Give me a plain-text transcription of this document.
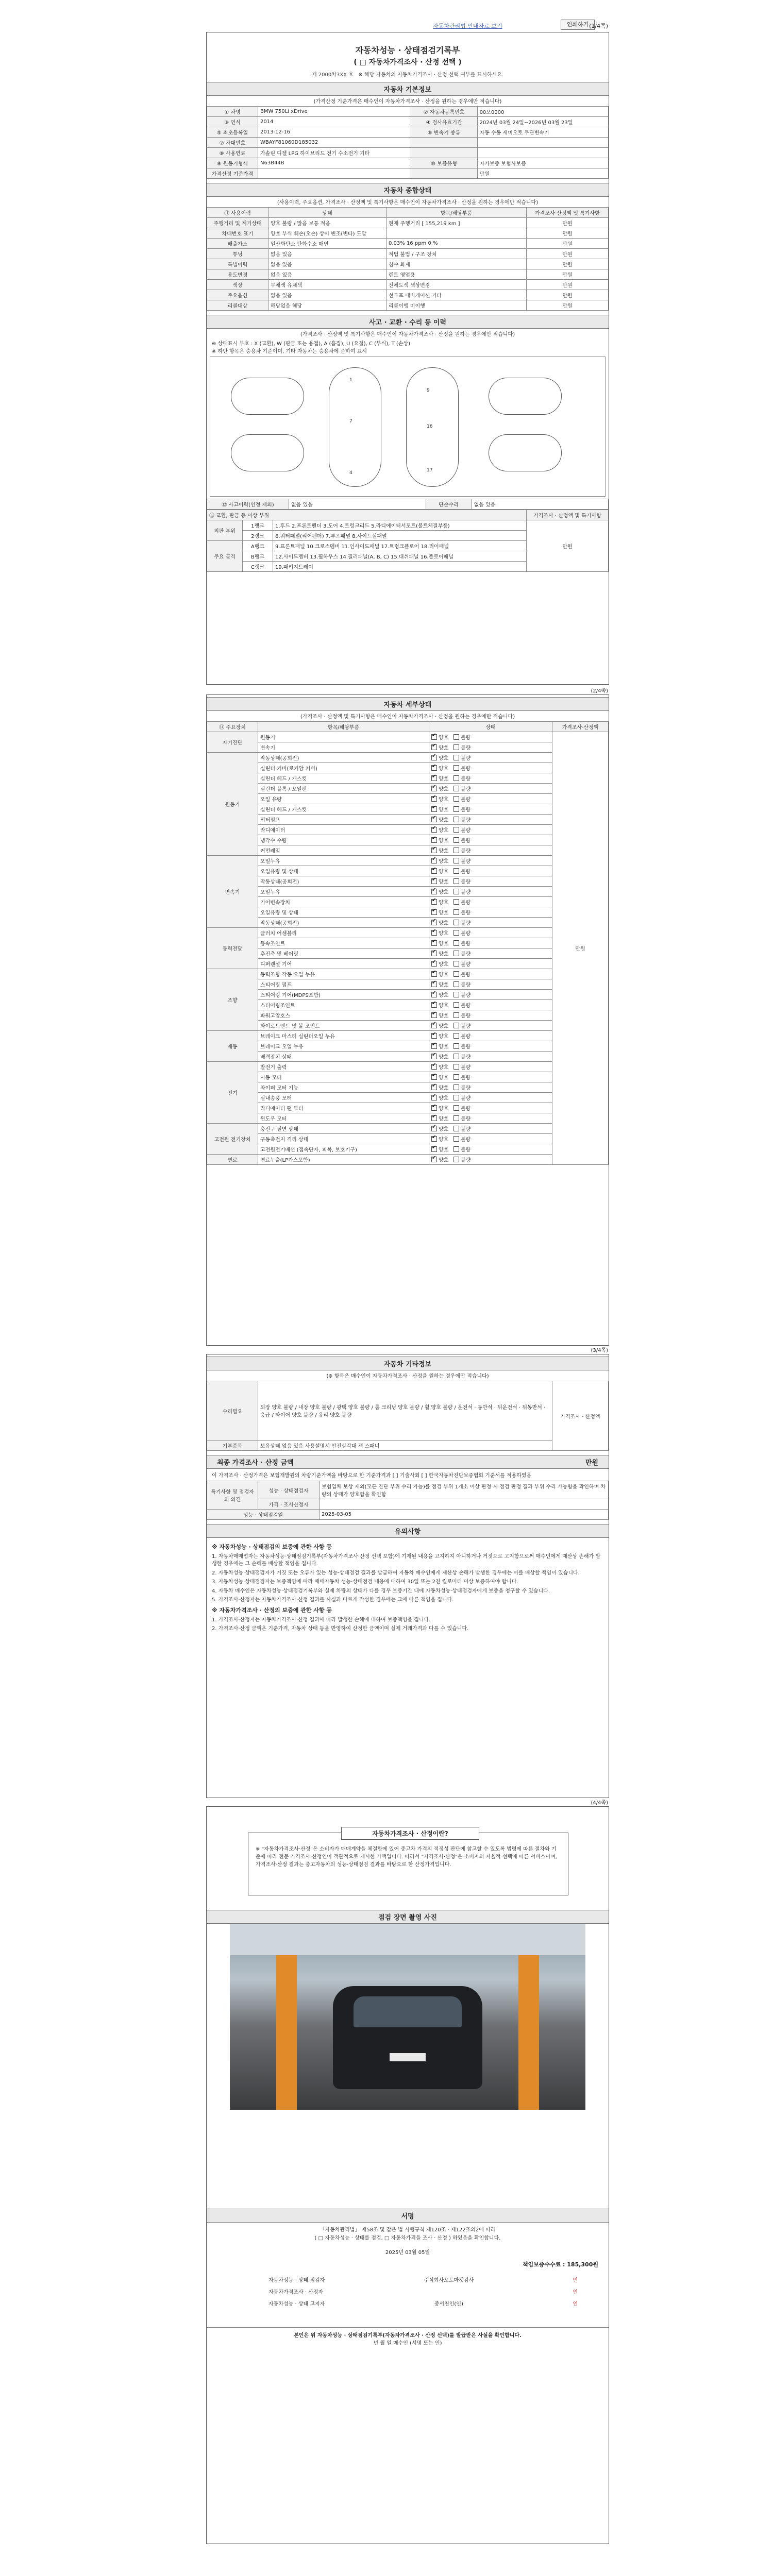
자동차관리법 안내자료 보기	인쇄하기 (1/4쪽)
자동차성능 · 상태점검기록부
( □ 자동차가격조사 · 산정 선택 )
제 2000차3XX 호 ※ 해당 자동차의 자동차가격조사 · 산정 선택 여부를 표시하세요.
자동차 기본정보
(가격산정 기준가격은 매수인이 자동차가격조사 · 산정을 원하는 경우에만 적습니다)
① 차명	BMW 750Li xDrive	② 자동차등록번호	00오0000
③ 연식	2014	④ 검사유효기간	2024년 03월 24일~2026년 03월 23일
⑤ 최초등록일	2013-12-16	⑥ 변속기 종류	자동 수동 세미오토 무단변속기
⑦ 차대번호	WBAYF81060D185032		
⑧ 사용연료	가솔린 디젤 LPG 하이브리드 전기 수소전기 기타		
⑨ 원동기형식	N63B44B	⑩ 보증유형	자가보증 보험사보증
가격산정 기준가격			만원
자동차 종합상태
(사용이력, 주요옵션, 가격조사 · 산정액 및 특기사항은 매수인이 자동차가격조사 · 산정을 원하는 경우에만 적습니다)
⑪ 사용이력	상태	항목/해당부품	가격조사·산정액 및 특기사항
주행거리 및 계기상태	양호 불량 / 많음 보통 적음	현재 주행거리 [ 155,219 km ]	만원
차대번호 표기	양호 부식 훼손(오손) 상이 변조(변타) 도말		만원
배출가스	일산화탄소 탄화수소 매연	0.03% 16 ppm 0 %	만원
튜닝	없음 있음	적법 불법 / 구조 장치	만원
특별이력	없음 있음	침수 화재	만원
용도변경	없음 있음	렌트 영업용	만원
색상	무채색 유채색	전체도색 색상변경	만원
주요옵션	없음 있음	선루프 내비게이션 기타	만원
리콜대상	해당없음 해당	리콜이행 미이행	만원
사고 · 교환 · 수리 등 이력
(가격조사 · 산정액 및 특기사항은 매수인이 자동차가격조사 · 산정을 원하는 경우에만 적습니다)
※ 상태표시 부호 : X (교환), W (판금 또는 용접), A (흠집), U (요철), C (부식), T (손상)
※ 하단 항목은 승용차 기준이며, 기타 자동차는 승용차에 준하여 표시
1
7
4
9
16
17
⑫ 사고이력(인정 제외)	없음 있음	단순수리	없음 있음
⑬ 교환, 판금 등 이상 부위			가격조사 · 산정액 및 특기사항
외판 부위	1랭크	1.후드 2.프론트펜더 3.도어 4.트렁크리드 5.라디에이터서포트(볼트체결부품)	만원
	2랭크	6.쿼터패널(리어펜더) 7.루프패널 8.사이드실패널	
주요 골격	A랭크	9.프론트패널 10.크로스멤버 11.인사이드패널 17.트렁크플로어 18.리어패널	
	B랭크	12.사이드멤버 13.휠하우스 14.필러패널(A, B, C) 15.대쉬패널 16.플로어패널	
	C랭크	19.패키지트레이	
(2/4쪽)
자동차 세부상태
(가격조사 · 산정액 및 특기사항은 매수인이 자동차가격조사 · 산정을 원하는 경우에만 적습니다)
⑭ 주요장치	항목/해당부품	상태	가격조사·산정액
자기진단	원동기	✔양호 불량	만원
	변속기	✔양호 불량
원동기	작동상태(공회전)	✔양호 불량
	실린더 커버(로커암 커버)	✔양호 불량
	실린더 헤드 / 개스킷	✔양호 불량
	실린더 블록 / 오일팬	✔양호 불량
	오일 유량	✔양호 불량
	실린더 헤드 / 개스킷	✔양호 불량
	워터펌프	✔양호 불량
	라디에이터	✔양호 불량
	냉각수 수량	✔양호 불량
	커먼레일	✔양호 불량
변속기	오일누유	✔양호 불량
	오일유량 및 상태	✔양호 불량
	작동상태(공회전)	✔양호 불량
	오일누유	✔양호 불량
	기어변속장치	✔양호 불량
	오일유량 및 상태	✔양호 불량
	작동상태(공회전)	✔양호 불량
동력전달	클러치 어셈블리	✔양호 불량
	등속조인트	✔양호 불량
	추진축 및 베어링	✔양호 불량
	디퍼렌셜 기어	✔양호 불량
조향	동력조향 작동 오일 누유	✔양호 불량
	스티어링 펌프	✔양호 불량
	스티어링 기어(MDPS포함)	✔양호 불량
	스티어링조인트	✔양호 불량
	파워고압호스	✔양호 불량
	타이로드엔드 및 볼 조인트	✔양호 불량
제동	브레이크 마스터 실린더오일 누유	✔양호 불량
	브레이크 오일 누유	✔양호 불량
	배력장치 상태	✔양호 불량
전기	발전기 출력	✔양호 불량
	시동 모터	✔양호 불량
	와이퍼 모터 기능	✔양호 불량
	실내송풍 모터	✔양호 불량
	라디에이터 팬 모터	✔양호 불량
	윈도우 모터	✔양호 불량
고전원 전기장치	충전구 절연 상태	✔양호 불량
	구동축전지 격리 상태	✔양호 불량
	고전원전기배선 (접속단자, 피복, 보호기구)	✔양호 불량
연료	연료누출(LP가스포함)	✔양호 불량
(3/4쪽)
자동차 기타정보
(※ 항목은 매수인이 자동차가격조사 · 산정을 원하는 경우에만 적습니다)
수리필요	외장 양호 불량 / 내장 양호 불량 / 광택 양호 불량 / 룸 크리닝 양호 불량 / 휠 양호 불량 / 운전석 · 동반석 · 뒤운전석 · 뒤동반석 · 응급 / 타이어 양호 불량 / 유리 양호 불량	가격조사 · 산정액
기본품목	보유상태 없음 있음 사용설명서 안전삼각대 잭 스패너	
최종 가격조사 · 산정 금액	만원
이 가격조사 · 산정가격은 보험개발원의 차량기준가액을 바탕으로 한 기준가격과 [ ] 기술사회 [ ] 한국자동차진단보증협회 기준서를 적용하였음
특기사항 및 점검자의 의견	성능 · 상태점검자	보험업체 보상 제외(모든 진단 부위 수리 가능)를 점검 부위 1개소 이상 판정 시 점검 판정 결과 부위 수리 가능함을 확인하며 차량의 상태가 양호함을 확인함
	가격 · 조사산정자	
성능 · 상태점검일		2025-03-05
유의사항
※ 자동차성능 · 상태점검의 보증에 관한 사항 등
1. 자동차매매업자는 자동차성능·상태점검기록부(자동차가격조사·산정 선택 포함)에 기재된 내용을 고지하지 아니하거나 거짓으로 고지함으로써 매수인에게 재산상 손해가 발생한 경우에는 그 손해를 배상할 책임을 집니다.
2. 자동차성능·상태점검자가 거짓 또는 오류가 있는 성능·상태점검 결과를 발급하여 자동차 매수인에게 재산상 손해가 발생한 경우에는 이를 배상할 책임이 있습니다.
3. 자동차성능·상태점검자는 보증책임에 따라 매매자동차 성능·상태점검 내용에 대하여 30일 또는 2천 킬로미터 이상 보증하여야 합니다.
4. 자동차 매수인은 자동차성능·상태점검기록부와 실제 차량의 상태가 다를 경우 보증기간 내에 자동차성능·상태점검자에게 보증을 청구할 수 있습니다.
5. 가격조사·산정자는 자동차가격조사·산정 결과를 사실과 다르게 작성한 경우에는 그에 따른 책임을 집니다.
※ 자동차가격조사 · 산정의 보증에 관한 사항 등
1. 가격조사·산정자는 자동차가격조사·산정 결과에 따라 발생한 손해에 대하여 보증책임을 집니다.
2. 가격조사·산정 금액은 기준가격, 자동차 상태 등을 반영하여 산정한 금액이며 실제 거래가격과 다를 수 있습니다.
(4/4쪽)
자동차가격조사 · 산정이란?
※ "자동차가격조사·산정"은 소비자가 매매계약을 체결함에 있어 중고차 가격의 적정성 판단에 참고할 수 있도록 법령에 따른 절차와 기준에 따라 전문 가격조사·산정인이 객관적으로 제시한 가액입니다. 따라서 "가격조사·산정"은 소비자의 자율적 선택에 따른 서비스이며, 가격조사·산정 결과는 중고자동차의 성능·상태점검 결과를 바탕으로 한 산정가격입니다.
점검 장면 촬영 사진
서명
「자동차관리법」 제58조 및 같은 법 시행규칙 제120조 · 제122조의2에 따라
( □ 자동차성능 · 상태를 점검, □ 자동차가격을 조사 · 산정 ) 하였음을 확인합니다.
2025년 03월 05일
책임보증수수료 : 185,300원
자동차성능 · 상태 점검자	주식회사오토마켓검사	인
자동차가격조사 · 산정자	인
자동차성능 · 상태 고지자	중서천인(인)	인
본인은 위 자동차성능 · 상태점검기록부(자동차가격조사 · 산정 선택)를 발급받은 사실을 확인합니다.
년 월 일 매수인 (서명 또는 인)
